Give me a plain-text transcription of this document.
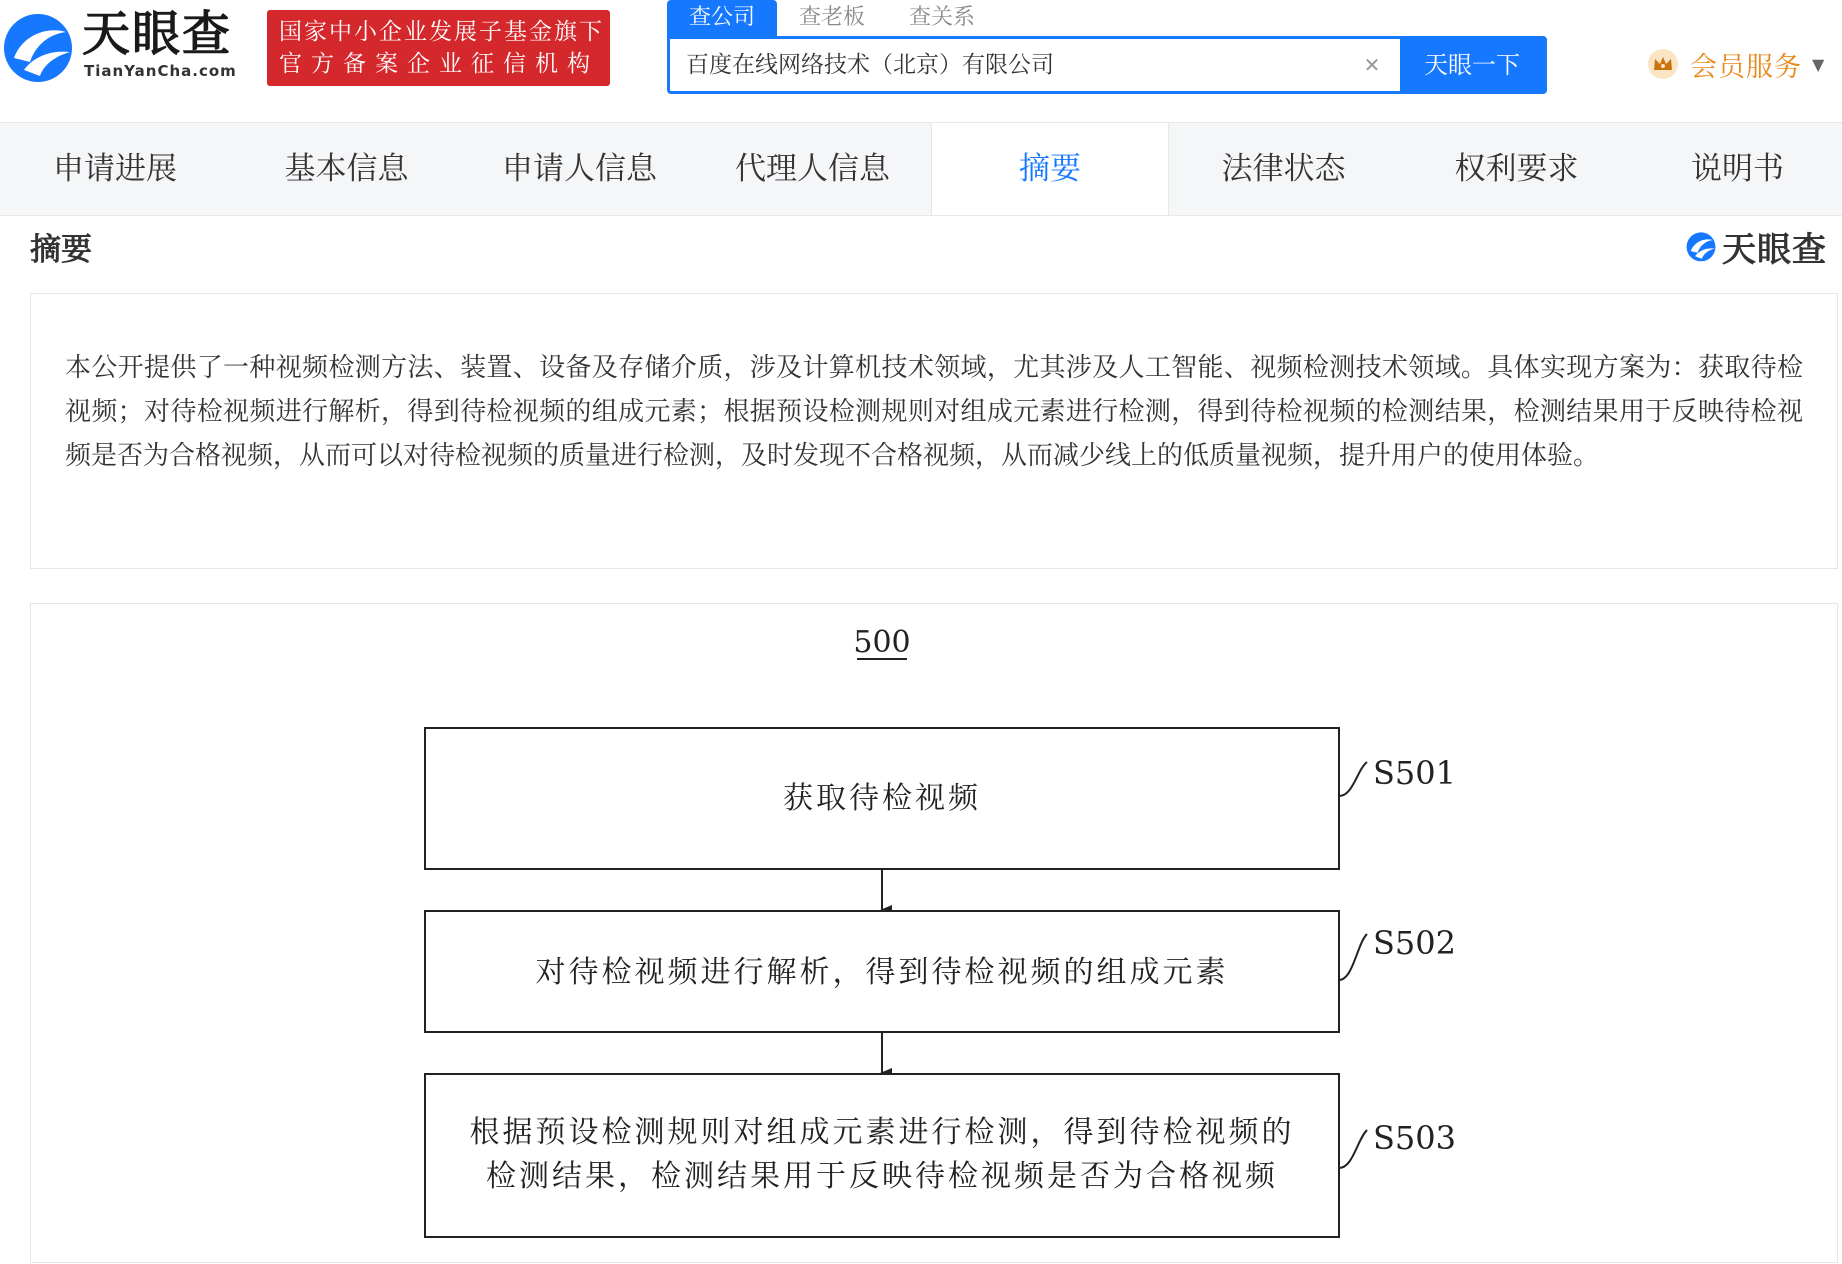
天眼查
TianYanCha.com
国家中小企业发展子基金旗下
官方备案企业征信机构
查公司	查老板	查关系
百度在线网络技术（北京）有限公司
✕	天眼一下	会员服务 ▼
申请进展	基本信息	申请人信息	代理人信息	摘要	法律状态	权利要求	说明书
摘要	天眼查

本公开提供了一种视频检测方法、装置、设备及存储介质，涉及计算机技术领域，尤其涉及人工智能、视频检测技术领域。具体实现方案为：获取待检视频；对待检视频进行解析，得到待检视频的组成元素；根据预设检测规则对组成元素进行检测，得到待检视频的检测结果，检测结果用于反映待检视频是否为合格视频，从而可以对待检视频的质量进行检测，及时发现不合格视频，从而减少线上的低质量视频，提升用户的使用体验。

500
获取待检视频
S501
对待检视频进行解析，得到待检视频的组成元素
S502
根据预设检测规则对组成元素进行检测，得到待检视频的
检测结果，检测结果用于反映待检视频是否为合格视频
S503
